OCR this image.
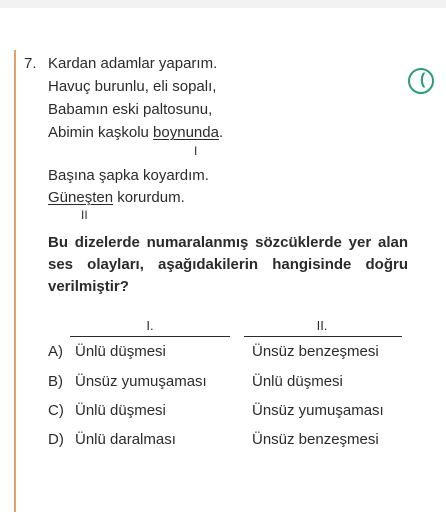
7. Kardan adamlar yaparım.
Havuç burunlu, eli sopalı,
Babamın eski paltosunu,
Abimin kaşkolu boynunda.
I
Başına şapka koyardım.
Güneşten korurdum.
II
(
Bu dizelerde numaralanmış sözcüklerde yer alan ses olayları, aşağıdakilerin hangisinde doğru verilmiştir?
I.	II.
A) Ünlü düşmesi	Ünsüz benzeşmesi
B) Ünsüz yumuşaması	Ünlü düşmesi
C) Ünlü düşmesi	Ünsüz yumuşaması
D) Ünlü daralması	Ünsüz benzeşmesi
